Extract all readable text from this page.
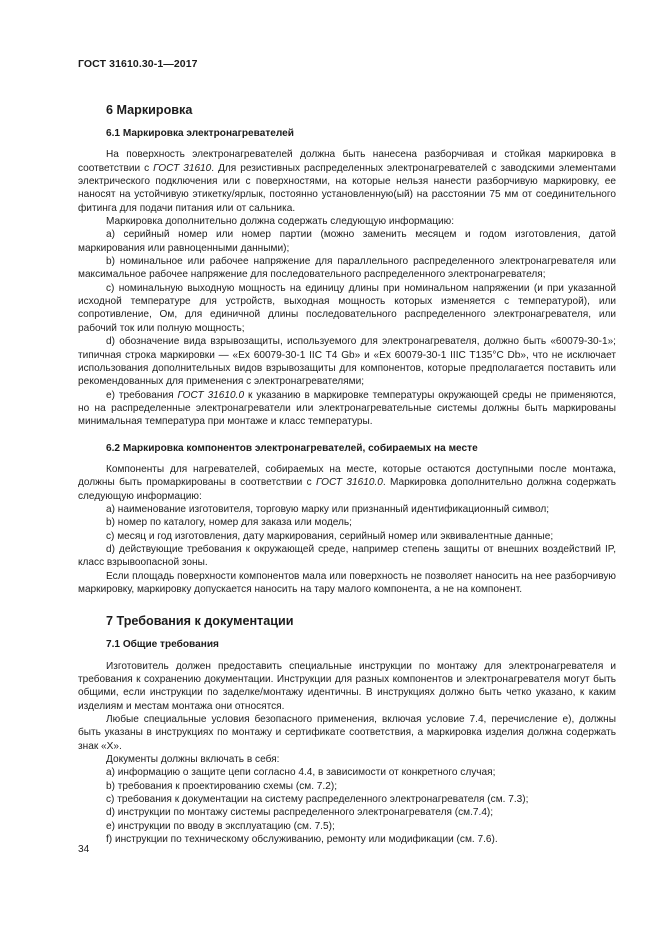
ГОСТ 31610.30-1—2017
6 Маркировка
6.1 Маркировка электронагревателей

На поверхность электронагревателей должна быть нанесена разборчивая и стойкая маркировка в соответствии с ГОСТ 31610. Для резистивных распределенных электронагревателей с заводскими элементами электрического подключения или с поверхностями, на которые нельзя нанести разборчивую маркировку, ее наносят на устойчивую этикетку/ярлык, постоянно установленную(ый) на расстоянии 75 мм от соединительного фитинга для подачи питания или от сальника.

Маркировка дополнительно должна содержать следующую информацию:

а) серийный номер или номер партии (можно заменить месяцем и годом изготовления, датой маркирования или равноценными данными);

b) номинальное или рабочее напряжение для параллельного распределенного электронагревателя или максимальное рабочее напряжение для последовательного распределенного электронагревателя;

с) номинальную выходную мощность на единицу длины при номинальном напряжении (и при указанной исходной температуре для устройств, выходная мощность которых изменяется с температурой), или сопротивление, Ом, для единичной длины последовательного распределенного электронагревателя, или рабочий ток или полную мощность;

d) обозначение вида взрывозащиты, используемого для электронагревателя, должно быть «60079-30-1»; типичная строка маркировки — «Ex 60079-30-1 IIC T4 Gb» и «Ex 60079-30-1 IIIC T135°C Db», что не исключает использования дополнительных видов взрывозащиты для компонентов, которые предполагается поставить или рекомендованных для применения с электронагревателями;

е) требования ГОСТ 31610.0 к указанию в маркировке температуры окружающей среды не применяются, но на распределенные электронагреватели или электронагревательные системы должны быть маркированы минимальная температура при монтаже и класс температуры.

6.2 Маркировка компонентов электронагревателей, собираемых на месте

Компоненты для нагревателей, собираемых на месте, которые остаются доступными после монтажа, должны быть промаркированы в соответствии с ГОСТ 31610.0. Маркировка дополнительно должна содержать следующую информацию:

а) наименование изготовителя, торговую марку или признанный идентификационный символ;

b) номер по каталогу, номер для заказа или модель;

с) месяц и год изготовления, дату маркирования, серийный номер или эквивалентные данные;

d) действующие требования к окружающей среде, например степень защиты от внешних воздействий IP, класс взрывоопасной зоны.

Если площадь поверхности компонентов мала или поверхность не позволяет наносить на нее разборчивую маркировку, маркировку допускается наносить на тару малого компонента, а не на компонент.

7 Требования к документации
7.1 Общие требования

Изготовитель должен предоставить специальные инструкции по монтажу для электронагревателя и требования к сохранению документации. Инструкции для разных компонентов и электронагревателя могут быть общими, если инструкции по заделке/монтажу идентичны. В инструкциях должно быть четко указано, к каким изделиям и местам монтажа они относятся.

Любые специальные условия безопасного применения, включая условие 7.4, перечисление е), должны быть указаны в инструкциях по монтажу и сертификате соответствия, а маркировка изделия должна содержать знак «Х».

Документы должны включать в себя:

а) информацию о защите цепи согласно 4.4, в зависимости от конкретного случая;

b) требования к проектированию схемы (см. 7.2);

с) требования к документации на систему распределенного электронагревателя (см. 7.3);

d) инструкции по монтажу системы распределенного электронагревателя (см.7.4);

е) инструкции по вводу в эксплуатацию (см. 7.5);

f) инструкции по техническому обслуживанию, ремонту или модификации (см. 7.6).

34
